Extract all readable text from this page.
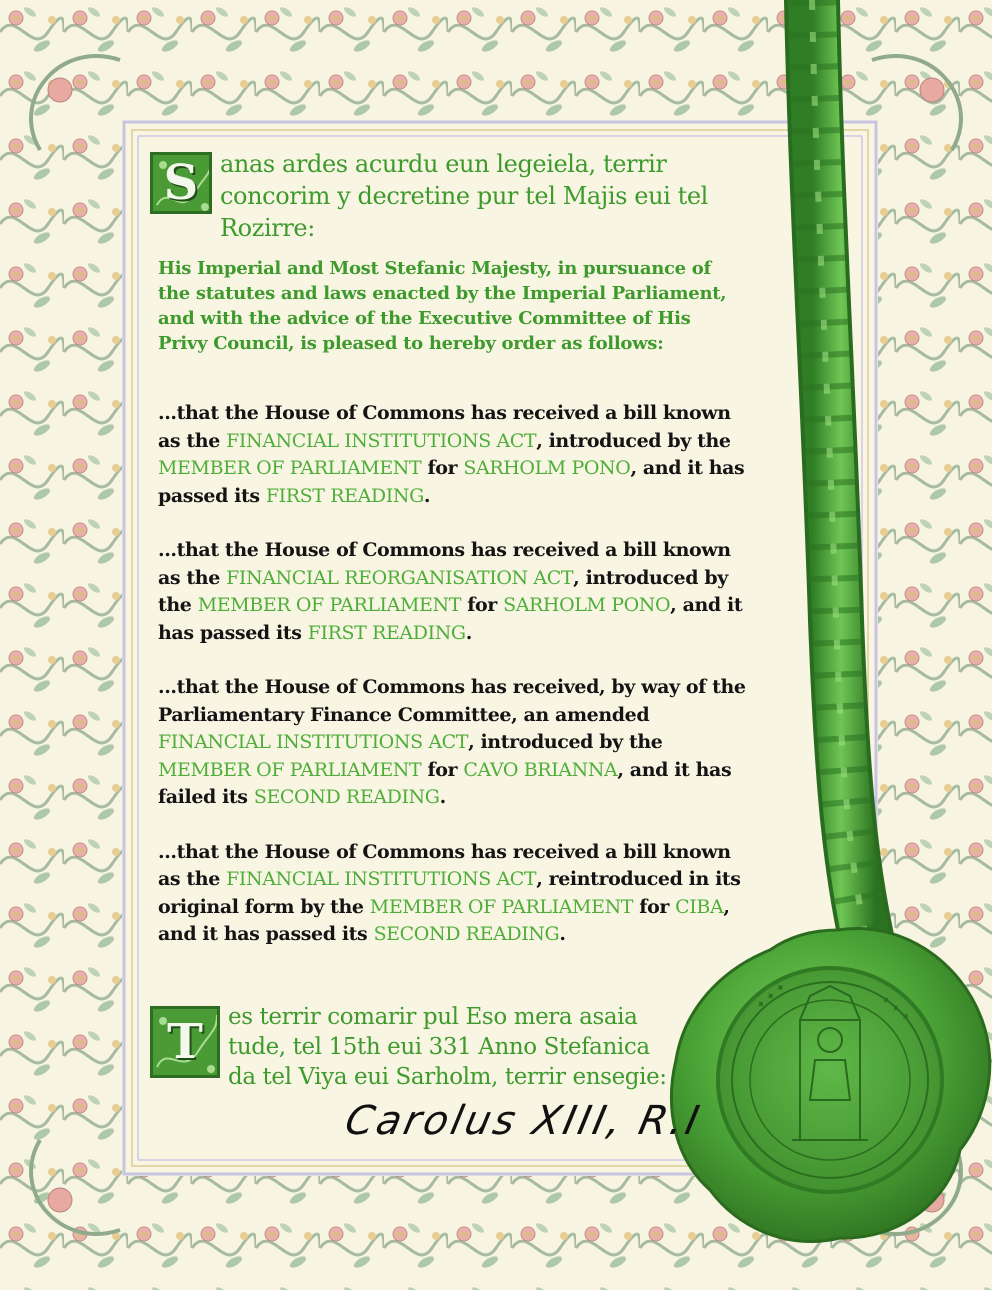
✦ ✦ ✦	✦ ✦ ✦
S anas ardes acurdu eun legeiela, terrir concorim y decretine pur tel Majis eui tel Rozirre:
His Imperial and Most Stefanic Majesty, in pursuance of the statutes and laws enacted by the Imperial Parliament, and with the advice of the Executive Committee of His Privy Council, is pleased to hereby order as follows:

...that the House of Commons has received a bill known as the FINANCIAL INSTITUTIONS ACT, introduced by the MEMBER OF PARLIAMENT for SARHOLM PONO, and it has passed its FIRST READING.

...that the House of Commons has received a bill known as the FINANCIAL REORGANISATION ACT, introduced by the MEMBER OF PARLIAMENT for SARHOLM PONO, and it has passed its FIRST READING.

...that the House of Commons has received, by way of the Parliamentary Finance Committee, an amended FINANCIAL INSTITUTIONS ACT, introduced by the MEMBER OF PARLIAMENT for CAVO BRIANNA, and it has failed its SECOND READING.

...that the House of Commons has received a bill known as the FINANCIAL INSTITUTIONS ACT, reintroduced in its original form by the MEMBER OF PARLIAMENT for CIBA, and it has passed its SECOND READING.

T	es terrir comarir pul Eso mera asaia tude, tel 15th eui 331 Anno Stefanica da tel Viya eui Sarholm, terrir ensegie:
Carolus XIII, R.I
